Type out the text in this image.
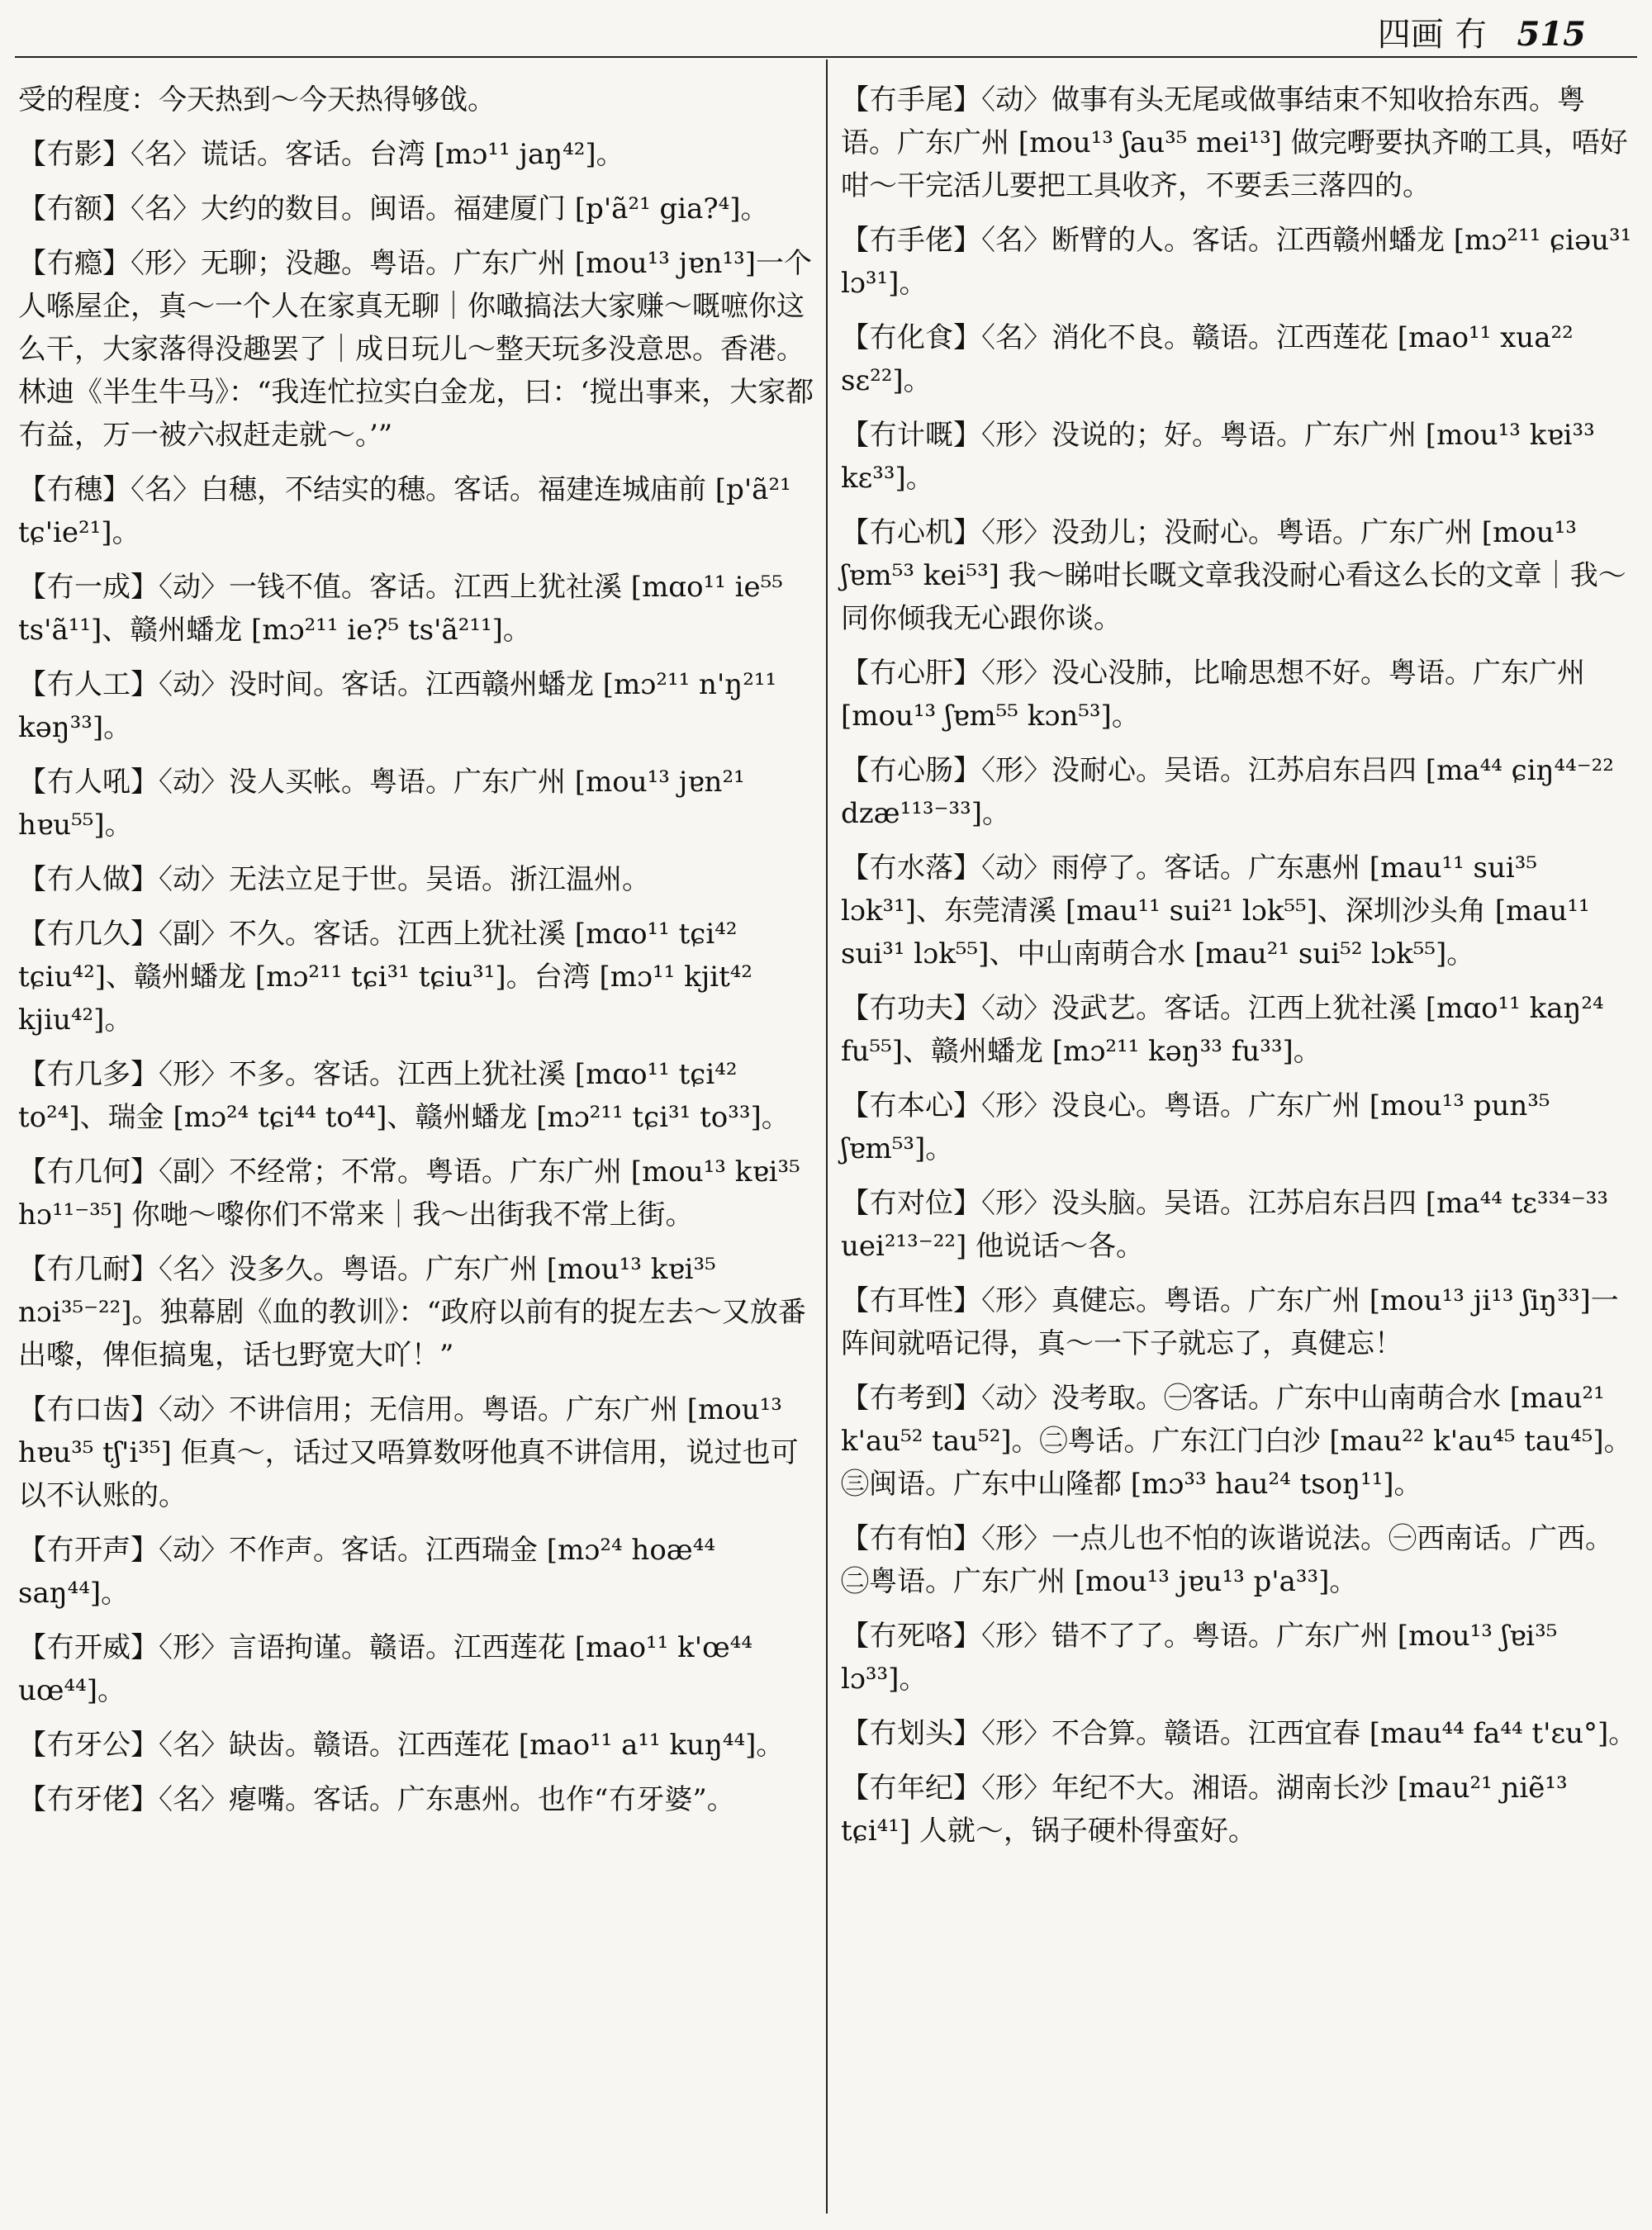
四画 冇 515
受的程度：今天热到～今天热得够戗。
【冇影】〈名〉谎话。客话。台湾 [mɔ¹¹ jaŋ⁴²]。
【冇额】〈名〉大约的数目。闽语。福建厦门 [p'ã²¹ gia?⁴]。
【冇瘾】〈形〉无聊；没趣。粤语。广东广州 [mou¹³ jɐn¹³]一个人喺屋企，真～一个人在家真无聊｜你噉搞法大家赚～嘅嗻你这么干，大家落得没趣罢了｜成日玩儿～整天玩多没意思。香港。林迪《半生牛马》：“我连忙拉实白金龙，曰：‘搅出事来，大家都冇益，万一被六叔赶走就～。’”
【冇穗】〈名〉白穗，不结实的穗。客话。福建连城庙前 [p'ã²¹ tɕ'ie²¹]。
【冇一成】〈动〉一钱不值。客话。江西上犹社溪 [mɑo¹¹ ie⁵⁵ ts'ã¹¹]、赣州蟠龙 [mɔ²¹¹ ie?⁵ ts'ã²¹¹]。
【冇人工】〈动〉没时间。客话。江西赣州蟠龙 [mɔ²¹¹ n'ŋ²¹¹ kəŋ³³]。
【冇人吼】〈动〉没人买帐。粤语。广东广州 [mou¹³ jɐn²¹ hɐu⁵⁵]。
【冇人做】〈动〉无法立足于世。吴语。浙江温州。
【冇几久】〈副〉不久。客话。江西上犹社溪 [mɑo¹¹ tɕi⁴² tɕiu⁴²]、赣州蟠龙 [mɔ²¹¹ tɕi³¹ tɕiu³¹]。台湾 [mɔ¹¹ kjit⁴² kjiu⁴²]。
【冇几多】〈形〉不多。客话。江西上犹社溪 [mɑo¹¹ tɕi⁴² to²⁴]、瑞金 [mɔ²⁴ tɕi⁴⁴ to⁴⁴]、赣州蟠龙 [mɔ²¹¹ tɕi³¹ to³³]。
【冇几何】〈副〉不经常；不常。粤语。广东广州 [mou¹³ kɐi³⁵ hɔ¹¹⁻³⁵] 你哋～嚟你们不常来｜我～出街我不常上街。
【冇几耐】〈名〉没多久。粤语。广东广州 [mou¹³ kɐi³⁵ nɔi³⁵⁻²²]。独幕剧《血的教训》：“政府以前有的捉左去～又放番出嚟，俾佢搞鬼，话乜野宽大吖！”
【冇口齿】〈动〉不讲信用；无信用。粤语。广东广州 [mou¹³ hɐu³⁵ tʃ'i³⁵] 佢真～，话过又唔算数呀他真不讲信用，说过也可以不认账的。
【冇开声】〈动〉不作声。客话。江西瑞金 [mɔ²⁴ hoæ⁴⁴ saŋ⁴⁴]。
【冇开威】〈形〉言语拘谨。赣语。江西莲花 [mao¹¹ k'œ⁴⁴ uœ⁴⁴]。
【冇牙公】〈名〉缺齿。赣语。江西莲花 [mao¹¹ a¹¹ kuŋ⁴⁴]。
【冇牙佬】〈名〉瘪嘴。客话。广东惠州。也作“冇牙婆”。
【冇手尾】〈动〉做事有头无尾或做事结束不知收拾东西。粤语。广东广州 [mou¹³ ʃau³⁵ mei¹³] 做完嘢要执齐啲工具，唔好咁～干完活儿要把工具收齐，不要丢三落四的。
【冇手佬】〈名〉断臂的人。客话。江西赣州蟠龙 [mɔ²¹¹ ɕiəu³¹ lɔ³¹]。
【冇化食】〈名〉消化不良。赣语。江西莲花 [mao¹¹ xua²² sɛ²²]。
【冇计嘅】〈形〉没说的；好。粤语。广东广州 [mou¹³ kɐi³³ kɛ³³]。
【冇心机】〈形〉没劲儿；没耐心。粤语。广东广州 [mou¹³ ʃɐm⁵³ kei⁵³] 我～睇咁长嘅文章我没耐心看这么长的文章｜我～同你倾我无心跟你谈。
【冇心肝】〈形〉没心没肺，比喻思想不好。粤语。广东广州 [mou¹³ ʃɐm⁵⁵ kɔn⁵³]。
【冇心肠】〈形〉没耐心。吴语。江苏启东吕四 [ma⁴⁴ ɕiŋ⁴⁴⁻²² dzæ¹¹³⁻³³]。
【冇水落】〈动〉雨停了。客话。广东惠州 [mau¹¹ sui³⁵ lɔk³¹]、东莞清溪 [mau¹¹ sui²¹ lɔk⁵⁵]、深圳沙头角 [mau¹¹ sui³¹ lɔk⁵⁵]、中山南萌合水 [mau²¹ sui⁵² lɔk⁵⁵]。
【冇功夫】〈动〉没武艺。客话。江西上犹社溪 [mɑo¹¹ kaŋ²⁴ fu⁵⁵]、赣州蟠龙 [mɔ²¹¹ kəŋ³³ fu³³]。
【冇本心】〈形〉没良心。粤语。广东广州 [mou¹³ pun³⁵ ʃɐm⁵³]。
【冇对位】〈形〉没头脑。吴语。江苏启东吕四 [ma⁴⁴ tɛ³³⁴⁻³³ uei²¹³⁻²²] 他说话～各。
【冇耳性】〈形〉真健忘。粤语。广东广州 [mou¹³ ji¹³ ʃiŋ³³]一阵间就唔记得，真～一下子就忘了，真健忘！
【冇考到】〈动〉没考取。㊀客话。广东中山南萌合水 [mau²¹ k'au⁵² tau⁵²]。㊁粤话。广东江门白沙 [mau²² k'au⁴⁵ tau⁴⁵]。㊂闽语。广东中山隆都 [mɔ³³ hau²⁴ tsoŋ¹¹]。
【冇有怕】〈形〉一点儿也不怕的诙谐说法。㊀西南话。广西。㊁粤语。广东广州 [mou¹³ jɐu¹³ p'a³³]。
【冇死咯】〈形〉错不了了。粤语。广东广州 [mou¹³ ʃɐi³⁵ lɔ³³]。
【冇划头】〈形〉不合算。赣语。江西宜春 [mau⁴⁴ fa⁴⁴ t'ɛu°]。
【冇年纪】〈形〉年纪不大。湘语。湖南长沙 [mau²¹ ɲiẽ¹³ tɕi⁴¹] 人就～，锅子硬朴得蛮好。
